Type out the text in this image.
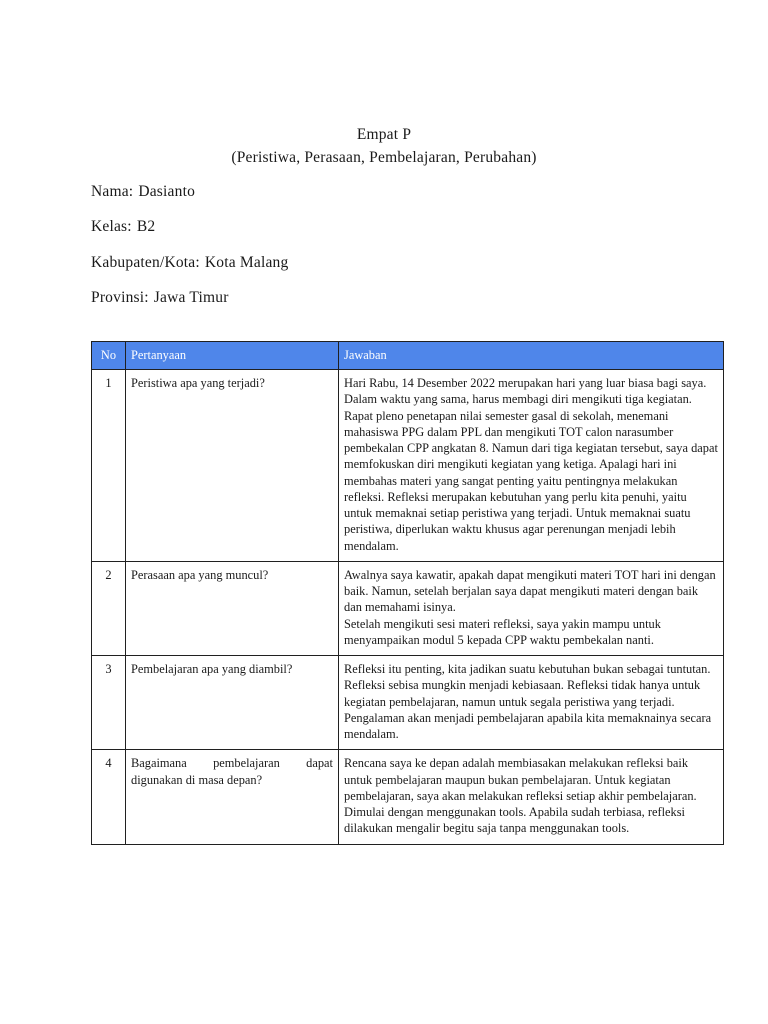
Empat P
(Peristiwa, Perasaan, Pembelajaran, Perubahan)
Nama: Dasianto
Kelas: B2
Kabupaten/Kota: Kota Malang
Provinsi: Jawa Timur
No	Pertanyaan	Jawaban
1	Peristiwa apa yang terjadi?	Hari Rabu, 14 Desember 2022 merupakan hari yang luar biasa bagi saya. Dalam waktu yang sama, harus membagi diri mengikuti tiga kegiatan. Rapat pleno penetapan nilai semester gasal di sekolah, menemani mahasiswa PPG dalam PPL dan mengikuti TOT calon narasumber pembekalan CPP angkatan 8. Namun dari tiga kegiatan tersebut, saya dapat memfokuskan diri mengikuti kegiatan yang ketiga. Apalagi hari ini membahas materi yang sangat penting yaitu pentingnya melakukan refleksi. Refleksi merupakan kebutuhan yang perlu kita penuhi, yaitu untuk memaknai setiap peristiwa yang terjadi. Untuk memaknai suatu peristiwa, diperlukan waktu khusus agar perenungan menjadi lebih mendalam.

2	Perasaan apa yang muncul?	Awalnya saya kawatir, apakah dapat mengikuti materi TOT hari ini dengan baik. Namun, setelah berjalan saya dapat mengikuti materi dengan baik dan memahami isinya.

Setelah mengikuti sesi materi refleksi, saya yakin mampu untuk menyampaikan modul 5 kepada CPP waktu pembekalan nanti.

3	Pembelajaran apa yang diambil?	Refleksi itu penting, kita jadikan suatu kebutuhan bukan sebagai tuntutan. Refleksi sebisa mungkin menjadi kebiasaan. Refleksi tidak hanya untuk kegiatan pembelajaran, namun untuk segala peristiwa yang terjadi. Pengalaman akan menjadi pembelajaran apabila kita memaknainya secara mendalam.

4	Bagaimana pembelajaran dapat digunakan di masa depan?	Rencana saya ke depan adalah membiasakan melakukan refleksi baik untuk pembelajaran maupun bukan pembelajaran. Untuk kegiatan pembelajaran, saya akan melakukan refleksi setiap akhir pembelajaran. Dimulai dengan menggunakan tools. Apabila sudah terbiasa, refleksi dilakukan mengalir begitu saja tanpa menggunakan tools.
